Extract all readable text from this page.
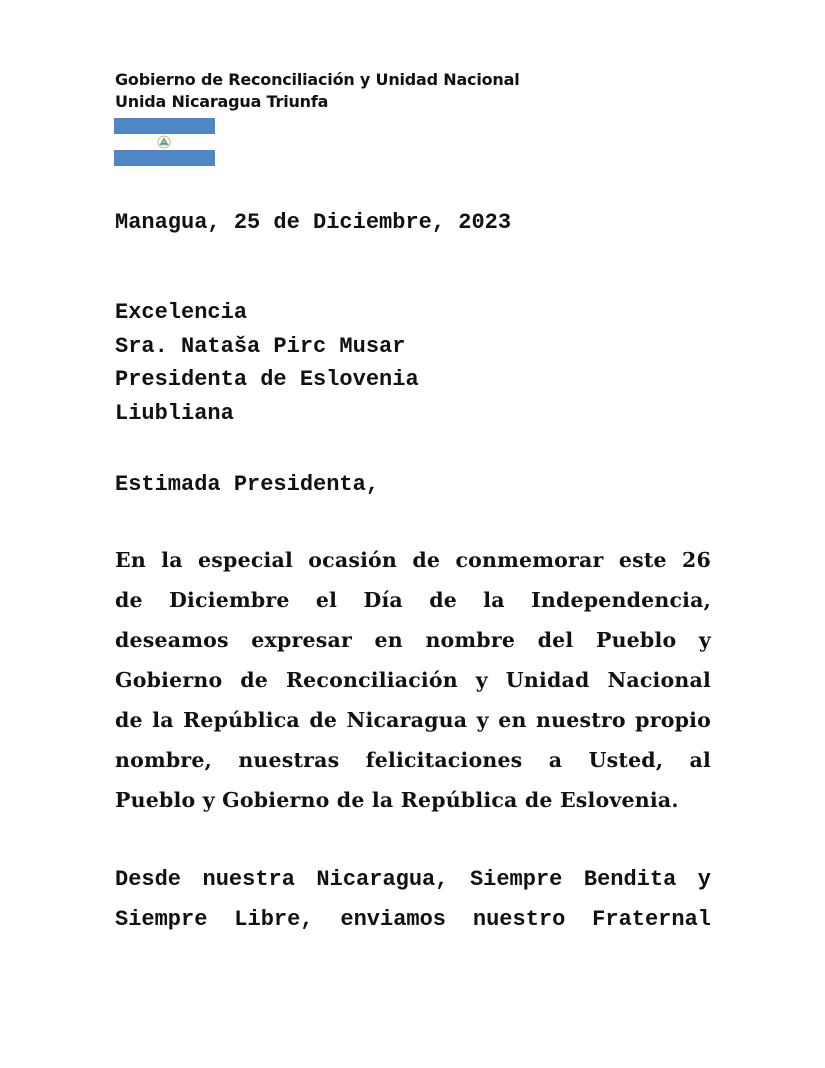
Gobierno de Reconciliación y Unidad Nacional
Unida Nicaragua Triunfa
Managua, 25 de Diciembre, 2023
Excelencia
Sra. Nataša Pirc Musar
Presidenta de Eslovenia
Liubliana
Estimada Presidenta,
En la especial ocasión de conmemorar este 26
de Diciembre el Día de la Independencia,
deseamos expresar en nombre del Pueblo y
Gobierno de Reconciliación y Unidad Nacional
de la República de Nicaragua y en nuestro propio
nombre, nuestras felicitaciones a Usted, al
Pueblo y Gobierno de la República de Eslovenia.
Desde nuestra Nicaragua, Siempre Bendita y
Siempre Libre, enviamos nuestro Fraternal
